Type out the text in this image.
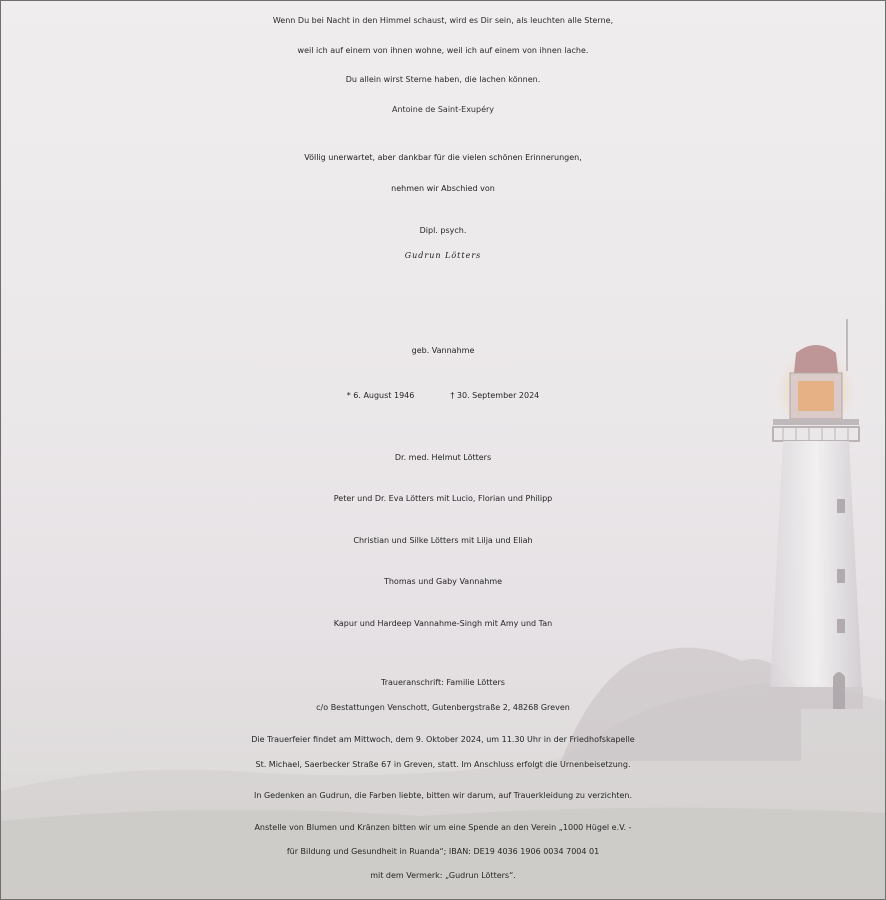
Wenn Du bei Nacht in den Himmel schaust, wird es Dir sein, als leuchten alle Sterne,
weil ich auf einem von ihnen wohne, weil ich auf einem von ihnen lache.
Du allein wirst Sterne haben, die lachen können.
Antoine de Saint-Exupéry
Völlig unerwartet, aber dankbar für die vielen schönen Erinnerungen,
nehmen wir Abschied von
Dipl. psych.
Gudrun Lötters
geb. Vannahme
* 6. August 1946	† 30. September 2024
Dr. med. Helmut Lötters
Peter und Dr. Eva Lötters mit Lucio, Florian und Philipp
Christian und Silke Lötters mit Lilja und Eliah
Thomas und Gaby Vannahme
Kapur und Hardeep Vannahme-Singh mit Amy und Tan
Traueranschrift: Familie Lötters
c/o Bestattungen Venschott, Gutenbergstraße 2, 48268 Greven
Die Trauerfeier findet am Mittwoch, dem 9. Oktober 2024, um 11.30 Uhr in der Friedhofskapelle
St. Michael, Saerbecker Straße 67 in Greven, statt. Im Anschluss erfolgt die Urnenbeisetzung.
In Gedenken an Gudrun, die Farben liebte, bitten wir darum, auf Trauerkleidung zu verzichten.
Anstelle von Blumen und Kränzen bitten wir um eine Spende an den Verein „1000 Hügel e.V. -
für Bildung und Gesundheit in Ruanda“; IBAN: DE19 4036 1906 0034 7004 01
mit dem Vermerk: „Gudrun Lötters“.
